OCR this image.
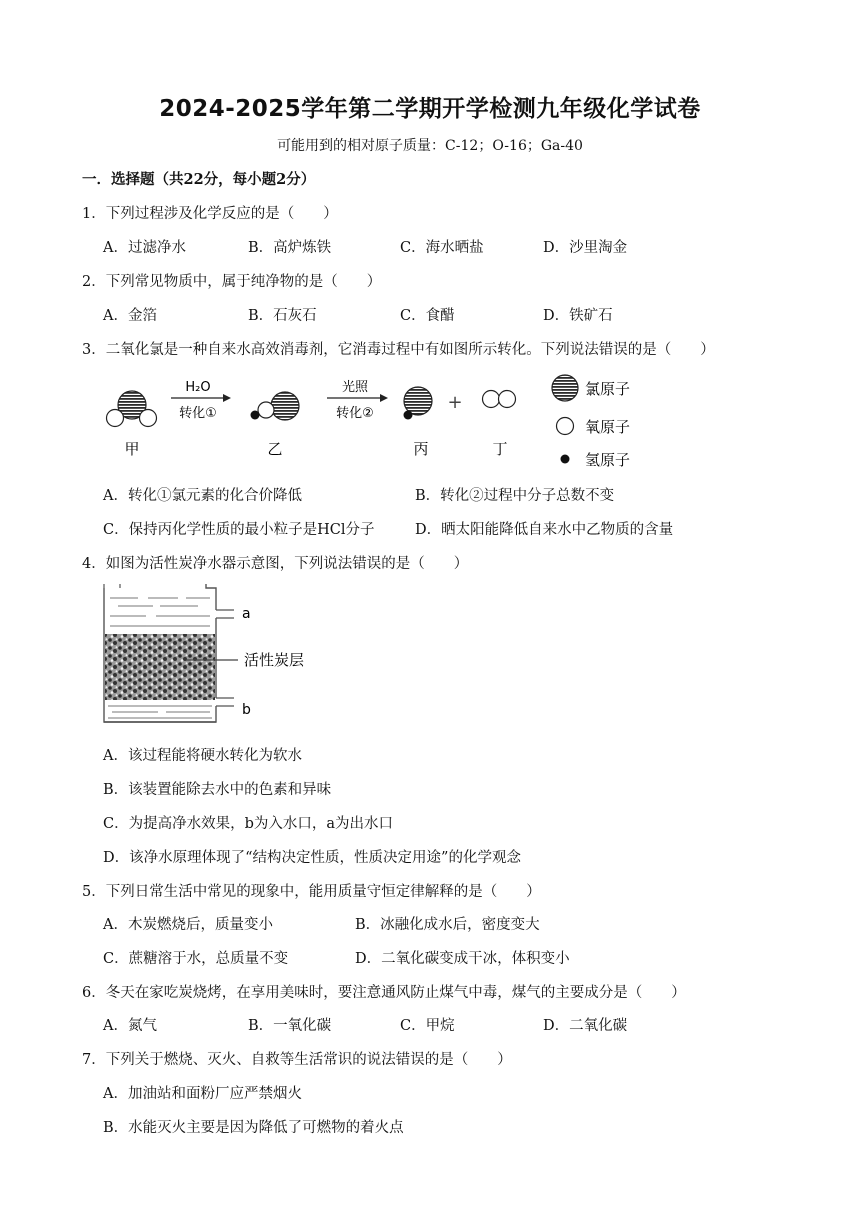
2024-2025学年第二学期开学检测九年级化学试卷
可能用到的相对原子质量：C-12；O-16；Ga-40
一．选择题（共22分，每小题2分）
1．下列过程涉及化学反应的是（　　）
A．过滤净水	B．高炉炼铁	C．海水晒盐	D．沙里淘金
2．下列常见物质中，属于纯净物的是（　　）
A．金箔	B．石灰石	C．食醋	D．铁矿石
3．二氧化氯是一种自来水高效消毒剂，它消毒过程中有如图所示转化。下列说法错误的是（　　）
甲
H₂O
转化①
乙
光照
转化②
丙
+
丁
氯原子
氧原子
氢原子
A．转化①氯元素的化合价降低	B．转化②过程中分子总数不变
C．保持丙化学性质的最小粒子是HCl分子	D．晒太阳能降低自来水中乙物质的含量
4．如图为活性炭净水器示意图，下列说法错误的是（　　）
a
活性炭层
b
A．该过程能将硬水转化为软水
B．该装置能除去水中的色素和异味
C．为提高净水效果，b为入水口，a为出水口
D．该净水原理体现了“结构决定性质，性质决定用途”的化学观念
5．下列日常生活中常见的现象中，能用质量守恒定律解释的是（　　）
A．木炭燃烧后，质量变小	B．冰融化成水后，密度变大
C．蔗糖溶于水，总质量不变	D．二氧化碳变成干冰，体积变小
6．冬天在家吃炭烧烤，在享用美味时，要注意通风防止煤气中毒，煤气的主要成分是（　　）
A．氮气	B．一氧化碳	C．甲烷	D．二氧化碳
7．下列关于燃烧、灭火、自救等生活常识的说法错误的是（　　）
A．加油站和面粉厂应严禁烟火
B．水能灭火主要是因为降低了可燃物的着火点
